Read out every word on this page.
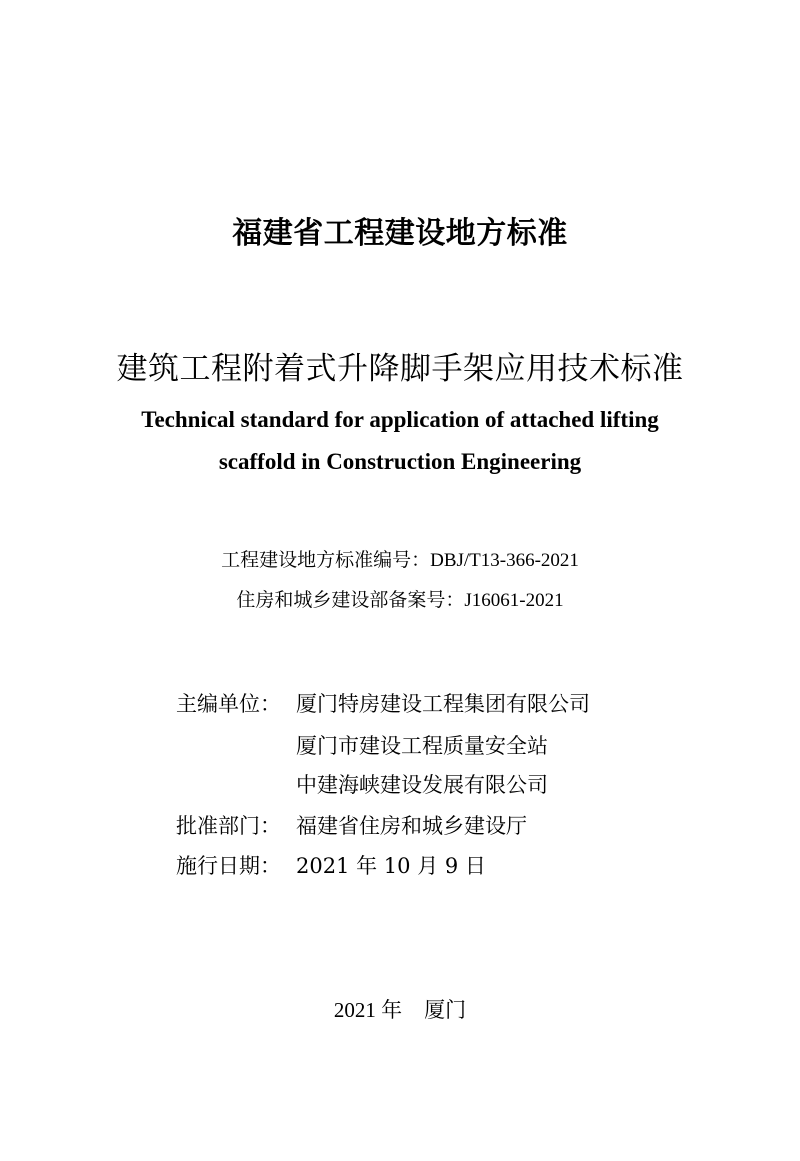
福建省工程建设地方标准
建筑工程附着式升降脚手架应用技术标准
Technical standard for application of attached lifting
scaffold in Construction Engineering
工程建设地方标准编号：DBJ/T13-366-2021
住房和城乡建设部备案号：J16061-2021
主编单位： 厦门特房建设工程集团有限公司
厦门市建设工程质量安全站
中建海峡建设发展有限公司
批准部门： 福建省住房和城乡建设厅
施行日期： 2021 年 10 月 9 日
2021 年 厦门
